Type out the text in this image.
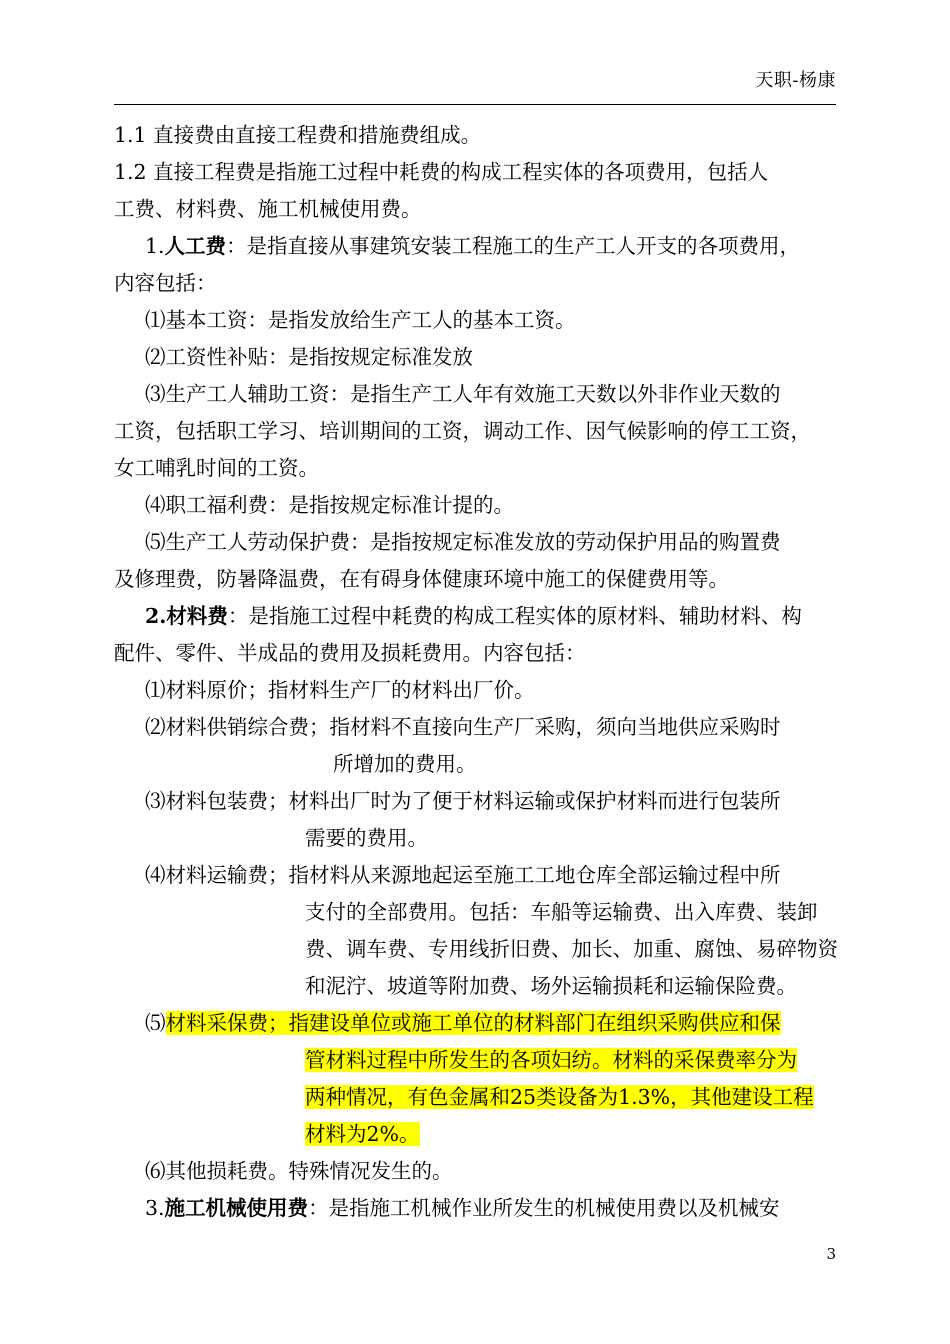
天职-杨康
1.1 直接费由直接工程费和措施费组成。
1.2 直接工程费是指施工过程中耗费的构成工程实体的各项费用，包括人
工费、材料费、施工机械使用费。
1.人工费：是指直接从事建筑安装工程施工的生产工人开支的各项费用，
内容包括：
⑴基本工资：是指发放给生产工人的基本工资。
⑵工资性补贴：是指按规定标准发放
⑶生产工人辅助工资：是指生产工人年有效施工天数以外非作业天数的
工资，包括职工学习、培训期间的工资，调动工作、因气候影响的停工工资，
女工哺乳时间的工资。
⑷职工福利费：是指按规定标准计提的。
⑸生产工人劳动保护费：是指按规定标准发放的劳动保护用品的购置费
及修理费，防暑降温费，在有碍身体健康环境中施工的保健费用等。
2.材料费：是指施工过程中耗费的构成工程实体的原材料、辅助材料、构
配件、零件、半成品的费用及损耗费用。内容包括：
⑴材料原价；指材料生产厂的材料出厂价。
⑵材料供销综合费；指材料不直接向生产厂采购，须向当地供应采购时
所增加的费用。
⑶材料包装费；材料出厂时为了便于材料运输或保护材料而进行包装所
需要的费用。
⑷材料运输费；指材料从来源地起运至施工工地仓库全部运输过程中所
支付的全部费用。包括：车船等运输费、出入库费、装卸
费、调车费、专用线折旧费、加长、加重、腐蚀、易碎物资
和泥泞、坡道等附加费、场外运输损耗和运输保险费。
⑸材料采保费；指建设单位或施工单位的材料部门在组织采购供应和保
管材料过程中所发生的各项妇纺。材料的采保费率分为
两种情况，有色金属和25类设备为1.3%，其他建设工程
材料为2%。
⑹其他损耗费。特殊情况发生的。
3.施工机械使用费：是指施工机械作业所发生的机械使用费以及机械安
3
